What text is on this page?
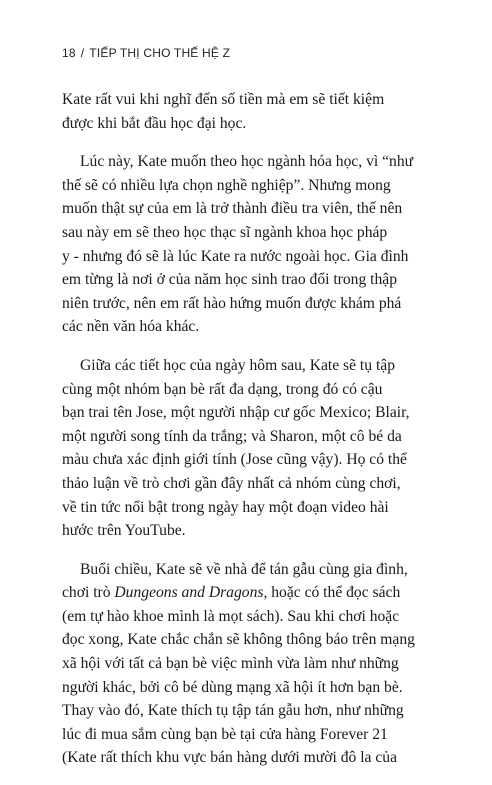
18 / TIẾP THỊ CHO THẾ HỆ Z
Kate rất vui khi nghĩ đến số tiền mà em sẽ tiết kiệm
được khi bắt đầu học đại học.
Lúc này, Kate muốn theo học ngành hóa học, vì “như
thế sẽ có nhiều lựa chọn nghề nghiệp”. Nhưng mong
muốn thật sự của em là trở thành điều tra viên, thế nên
sau này em sẽ theo học thạc sĩ ngành khoa học pháp
y - nhưng đó sẽ là lúc Kate ra nước ngoài học. Gia đình
em từng là nơi ở của năm học sinh trao đổi trong thập
niên trước, nên em rất hào hứng muốn được khám phá
các nền văn hóa khác.
Giữa các tiết học của ngày hôm sau, Kate sẽ tụ tập
cùng một nhóm bạn bè rất đa dạng, trong đó có cậu
bạn trai tên Jose, một người nhập cư gốc Mexico; Blair,
một người song tính da trắng; và Sharon, một cô bé da
màu chưa xác định giới tính (Jose cũng vậy). Họ có thể
thảo luận về trò chơi gần đây nhất cả nhóm cùng chơi,
về tin tức nổi bật trong ngày hay một đoạn video hài
hước trên YouTube.
Buổi chiều, Kate sẽ về nhà để tán gẫu cùng gia đình,
chơi trò Dungeons and Dragons, hoặc có thể đọc sách
(em tự hào khoe mình là mọt sách). Sau khi chơi hoặc
đọc xong, Kate chắc chắn sẽ không thông báo trên mạng
xã hội với tất cả bạn bè việc mình vừa làm như những
người khác, bởi cô bé dùng mạng xã hội ít hơn bạn bè.
Thay vào đó, Kate thích tụ tập tán gẫu hơn, như những
lúc đi mua sắm cùng bạn bè tại cửa hàng Forever 21
(Kate rất thích khu vực bán hàng dưới mười đô la của
